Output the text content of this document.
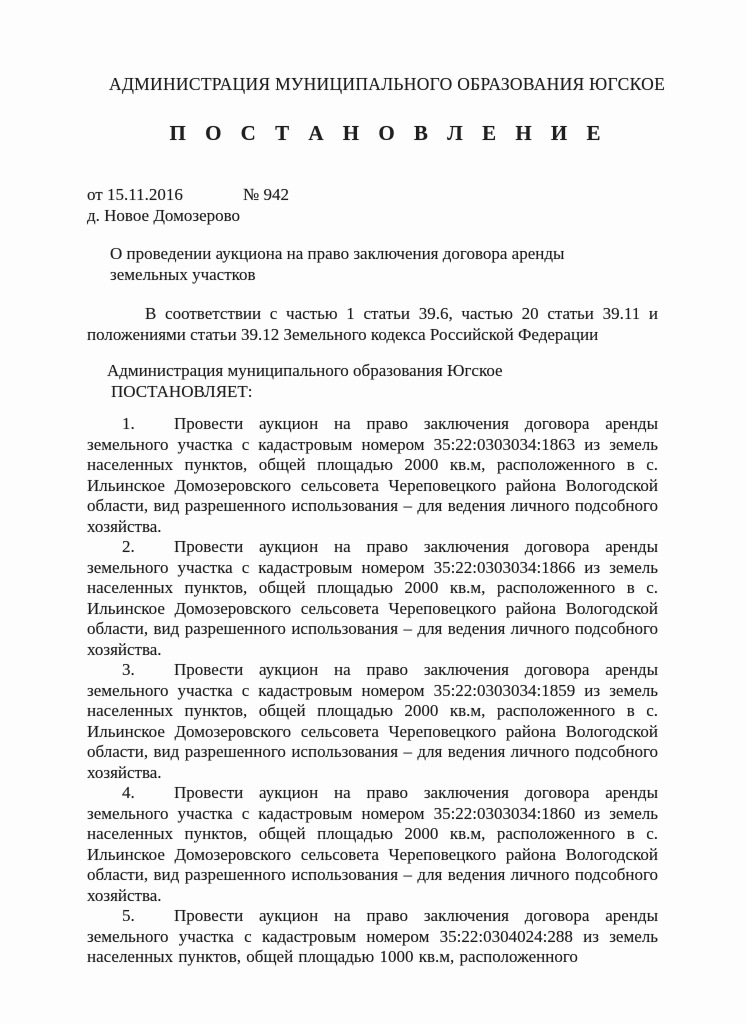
АДМИНИСТРАЦИЯ МУНИЦИПАЛЬНОГО ОБРАЗОВАНИЯ ЮГСКОЕ
П О С Т А Н О В Л Е Н И Е
от 15.11.2016	№ 942
д. Новое Домозерово
О проведении аукциона на право заключения договора аренды земельных участков
В соответствии с частью 1 статьи 39.6, частью 20 статьи 39.11 и положениями статьи 39.12 Земельного кодекса Российской Федерации
Администрация муниципального образования Югское
ПОСТАНОВЛЯЕТ:

1. Провести аукцион на право заключения договора аренды земельного участка с кадастровым номером 35:22:0303034:1863 из земель населенных пунктов, общей площадью 2000 кв.м, расположенного в с. Ильинское Домозеровского сельсовета Череповецкого района Вологодской области, вид разрешенного использования – для ведения личного подсобного хозяйства.

2. Провести аукцион на право заключения договора аренды земельного участка с кадастровым номером 35:22:0303034:1866 из земель населенных пунктов, общей площадью 2000 кв.м, расположенного в с. Ильинское Домозеровского сельсовета Череповецкого района Вологодской области, вид разрешенного использования – для ведения личного подсобного хозяйства.

3. Провести аукцион на право заключения договора аренды земельного участка с кадастровым номером 35:22:0303034:1859 из земель населенных пунктов, общей площадью 2000 кв.м, расположенного в с. Ильинское Домозеровского сельсовета Череповецкого района Вологодской области, вид разрешенного использования – для ведения личного подсобного хозяйства.

4. Провести аукцион на право заключения договора аренды земельного участка с кадастровым номером 35:22:0303034:1860 из земель населенных пунктов, общей площадью 2000 кв.м, расположенного в с. Ильинское Домозеровского сельсовета Череповецкого района Вологодской области, вид разрешенного использования – для ведения личного подсобного хозяйства.

5. Провести аукцион на право заключения договора аренды земельного участка с кадастровым номером 35:22:0304024:288 из земель населенных пунктов, общей площадью 1000 кв.м, расположенного
